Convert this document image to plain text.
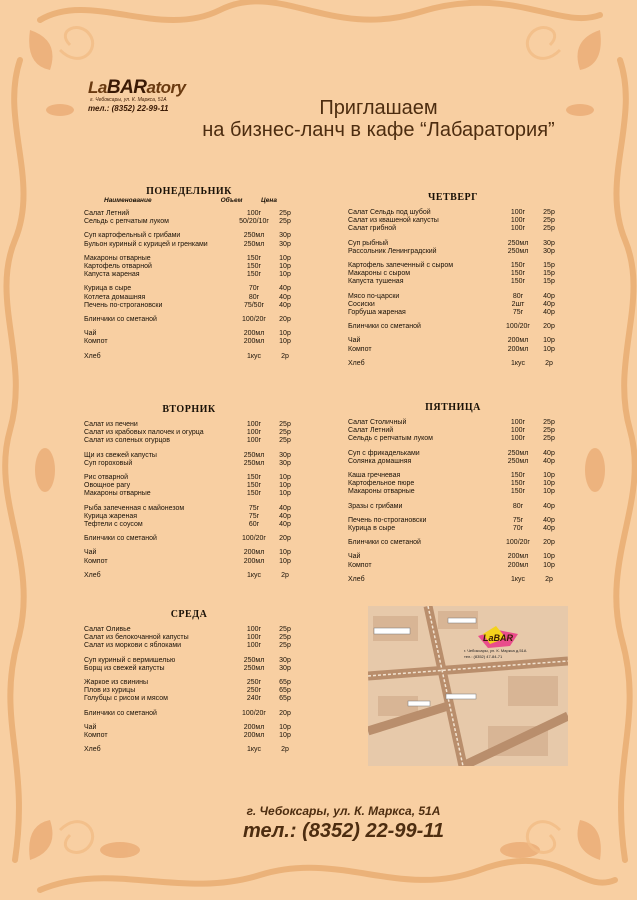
LaBARatory
г. Чебоксары, ул. К. Маркса, 51А
тел.: (8352) 22-99-11	Приглашаем
на бизнес-ланч в кафе “Лабаратория”
ПОНЕДЕЛЬНИК
Наименование	Объем	Цена
Салат Летний	100г	25р
Сельдь с репчатым луком	50/20/10г	25р
Суп картофельный с грибами	250мл	30р
Бульон куриный с курицей и гренками	250мл	30р
Макароны отварные	150г	10р
Картофель отварной	150г	10р
Капуста жареная	150г	10р
Курица в сыре	70г	40р
Котлета домашняя	80г	40р
Печень по-строгановски	75/50г	40р
Блинчики со сметаной	100/20г	20р
Чай	200мл	10р
Компот	200мл	10р
Хлеб	1кус	2р
ВТОРНИК
Салат из печени	100г	25р
Салат из крабовых палочек и огурца	100г	25р
Салат из соленых огурцов	100г	25р
Щи из свежей капусты	250мл	30р
Суп гороховый	250мл	30р
Рис отварной	150г	10р
Овощное рагу	150г	10р
Макароны отварные	150г	10р
Рыба запеченная с майонезом	75г	40р
Курица жареная	75г	40р
Тефтели с соусом	60г	40р
Блинчики со сметаной	100/20г	20р
Чай	200мл	10р
Компот	200мл	10р
Хлеб	1кус	2р
СРЕДА
Салат Оливье	100г	25р
Салат из белокочанной капусты	100г	25р
Салат из моркови с яблоками	100г	25р
Суп куриный с вермишелью	250мл	30р
Борщ из свежей капусты	250мл	30р
Жаркое из свинины	250г	65р
Плов из курицы	250г	65р
Голубцы с рисом и мясом	240г	65р
Блинчики со сметаной	100/20г	20р
Чай	200мл	10р
Компот	200мл	10р
Хлеб	1кус	2р
ЧЕТВЕРГ
Салат Сельдь под шубой	100г	25р
Салат из квашеной капусты	100г	25р
Салат грибной	100г	25р
Суп рыбный	250мл	30р
Рассольник Ленинградский	250мл	30р
Картофель запеченный с сыром	150г	15р
Макароны с сыром	150г	15р
Капуста тушеная	150г	15р
Мясо по-царски	80г	40р
Сосиски	2шт	40р
Горбуша жареная	75г	40р
Блинчики со сметаной	100/20г	20р
Чай	200мл	10р
Компот	200мл	10р
Хлеб	1кус	2р
ПЯТНИЦА
Салат Столичный	100г	25р
Салат Летний	100г	25р
Сельдь с репчатым луком	100г	25р
Суп с фрикадельками	250мл	40р
Солянка домашняя	250мл	40р
Каша гречневая	150г	10р
Картофельное пюре	150г	10р
Макароны отварные	150г	10р
Зразы с грибами	80г	40р
Печень по-строгановски	75г	40р
Курица в сыре	70г	40р
Блинчики со сметаной	100/20г	20р
Чай	200мл	10р
Компот	200мл	10р
Хлеб	1кус	2р
LaBAR
г. Чебоксары, ул. К. Маркса д.51А
тел.: (8352) 47-84-71
г. Чебоксары, ул. К. Маркса, 51А
тел.: (8352) 22-99-11
